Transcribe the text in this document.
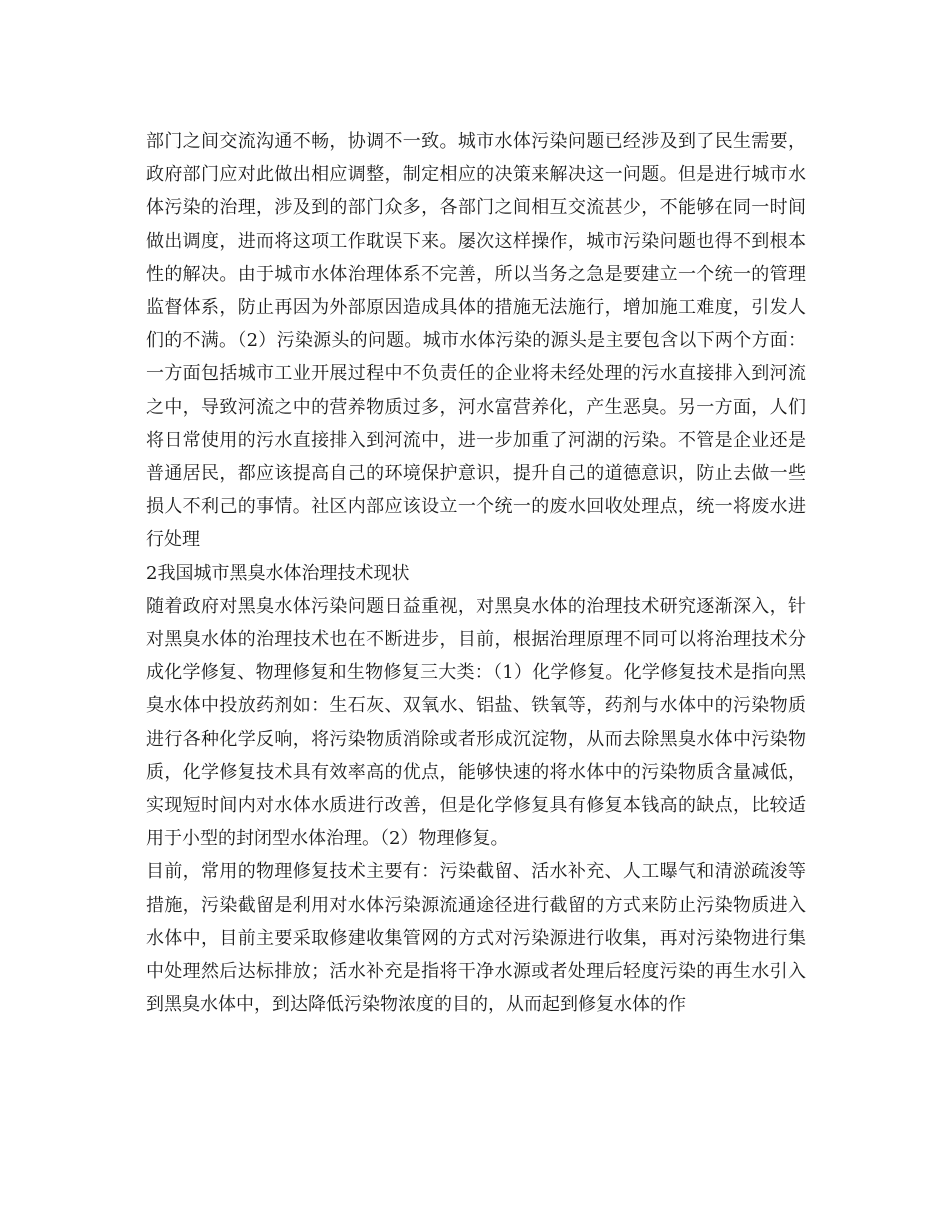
部门之间交流沟通不畅，协调不一致。城市水体污染问题已经涉及到了民生需要，政府部门应对此做出相应调整，制定相应的决策来解决这一问题。但是进行城市水体污染的治理，涉及到的部门众多，各部门之间相互交流甚少，不能够在同一时间做出调度，进而将这项工作耽误下来。屡次这样操作，城市污染问题也得不到根本性的解决。由于城市水体治理体系不完善，所以当务之急是要建立一个统一的管理监督体系，防止再因为外部原因造成具体的措施无法施行，增加施工难度，引发人们的不满。（2）污染源头的问题。城市水体污染的源头是主要包含以下两个方面：一方面包括城市工业开展过程中不负责任的企业将未经处理的污水直接排入到河流之中，导致河流之中的营养物质过多，河水富营养化，产生恶臭。另一方面，人们将日常使用的污水直接排入到河流中，进一步加重了河湖的污染。不管是企业还是普通居民，都应该提高自己的环境保护意识，提升自己的道德意识，防止去做一些损人不利己的事情。社区内部应该设立一个统一的废水回收处理点，统一将废水进行处理

2我国城市黑臭水体治理技术现状

随着政府对黑臭水体污染问题日益重视，对黑臭水体的治理技术研究逐渐深入，针对黑臭水体的治理技术也在不断进步，目前，根据治理原理不同可以将治理技术分成化学修复、物理修复和生物修复三大类：（1）化学修复。化学修复技术是指向黑臭水体中投放药剂如：生石灰、双氧水、铝盐、铁氧等，药剂与水体中的污染物质进行各种化学反响，将污染物质消除或者形成沉淀物，从而去除黑臭水体中污染物质，化学修复技术具有效率高的优点，能够快速的将水体中的污染物质含量减低，实现短时间内对水体水质进行改善，但是化学修复具有修复本钱高的缺点，比较适用于小型的封闭型水体治理。（2）物理修复。

目前，常用的物理修复技术主要有：污染截留、活水补充、人工曝气和清淤疏浚等措施，污染截留是利用对水体污染源流通途径进行截留的方式来防止污染物质进入水体中，目前主要采取修建收集管网的方式对污染源进行收集，再对污染物进行集中处理然后达标排放；活水补充是指将干净水源或者处理后轻度污染的再生水引入到黑臭水体中，到达降低污染物浓度的目的，从而起到修复水体的作
